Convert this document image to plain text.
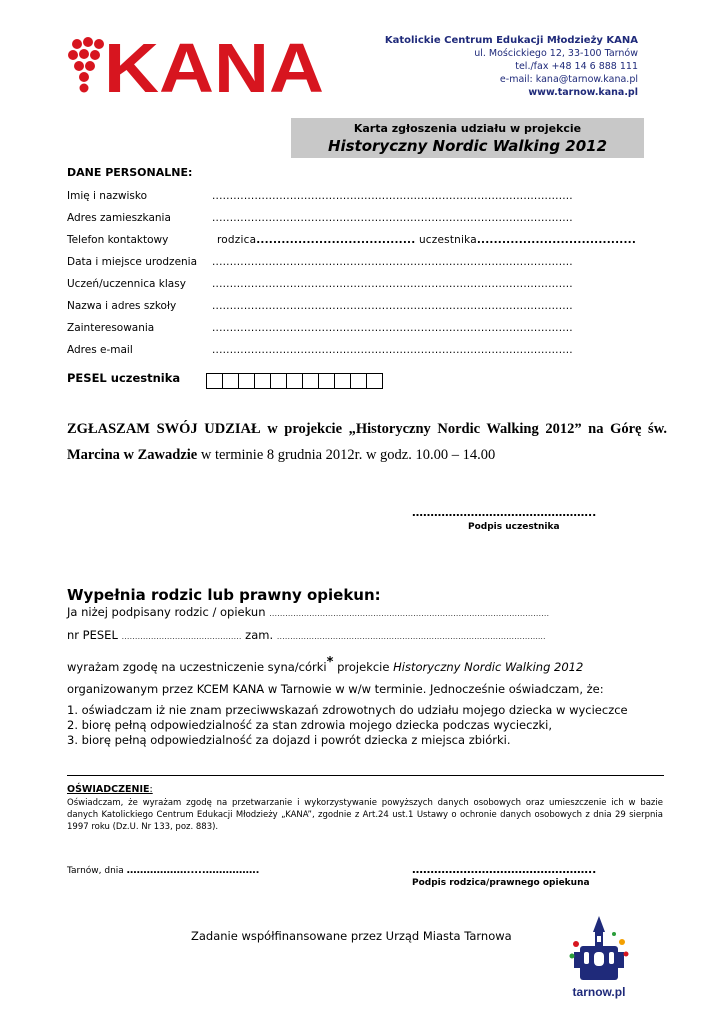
KANA	Katolickie Centrum Edukacji Młodzieży KANA
ul. Mościckiego 12, 33-100 Tarnów
tel./fax +48 14 6 888 111
e-mail: kana@tarnow.kana.pl
www.tarnow.kana.pl
Karta zgłoszenia udziału w projekcie
Historyczny Nordic Walking 2012
DANE PERSONALNE:
Imię i nazwisko	......................................................................................................
Adres zamieszkania	......................................................................................................
Telefon kontaktowy	rodzica...................................... uczestnika......................................
Data i miejsce urodzenia ......................................................................................................
Uczeń/uczennica klasy ......................................................................................................
Nazwa i adres szkoły	......................................................................................................
Zainteresowania	......................................................................................................
Adres e-mail	......................................................................................................
PESEL uczestnika
ZGŁASZAM SWÓJ UDZIAŁ w projekcie „Historyczny Nordic Walking 2012” na Górę św. Marcina w Zawadzie w terminie 8 grudnia 2012r. w godz. 10.00 – 14.00
…………………………………………..
Podpis uczestnika
Wypełnia rodzic lub prawny opiekun:
Ja niżej podpisany rodzic / opiekun ……………………………………………………………………………………………
nr PESEL ……………………………………… zam. …………………………………………………………………………………….....
wyrażam zgodę na uczestniczenie syna/córki* projekcie Historyczny Nordic Walking 2012
organizowanym przez KCEM KANA w Tarnowie w w/w terminie. Jednocześnie oświadczam, że:
1. oświadczam iż nie znam przeciwwskazań zdrowotnych do udziału mojego dziecka w wycieczce
2. biorę pełną odpowiedzialność za stan zdrowia mojego dziecka podczas wycieczki,
3. biorę pełną odpowiedzialność za dojazd i powrót dziecka z miejsca zbiórki.
OŚWIADCZENIE:
Oświadczam, że wyrażam zgodę na przetwarzanie i wykorzystywanie powyższych danych osobowych oraz umieszczenie ich w bazie danych Katolickiego Centrum Edukacji Młodzieży „KANA”, zgodnie z Art.24 ust.1 Ustawy o ochronie danych osobowych z dnia 29 sierpnia 1997 roku (Dz.U. Nr 133, poz. 883).
Tarnów, dnia ……………….....…………….	…………………………………………..
Podpis rodzica/prawnego opiekuna
Zadanie współfinansowane przez Urząd Miasta Tarnowa
tarnow.pl
